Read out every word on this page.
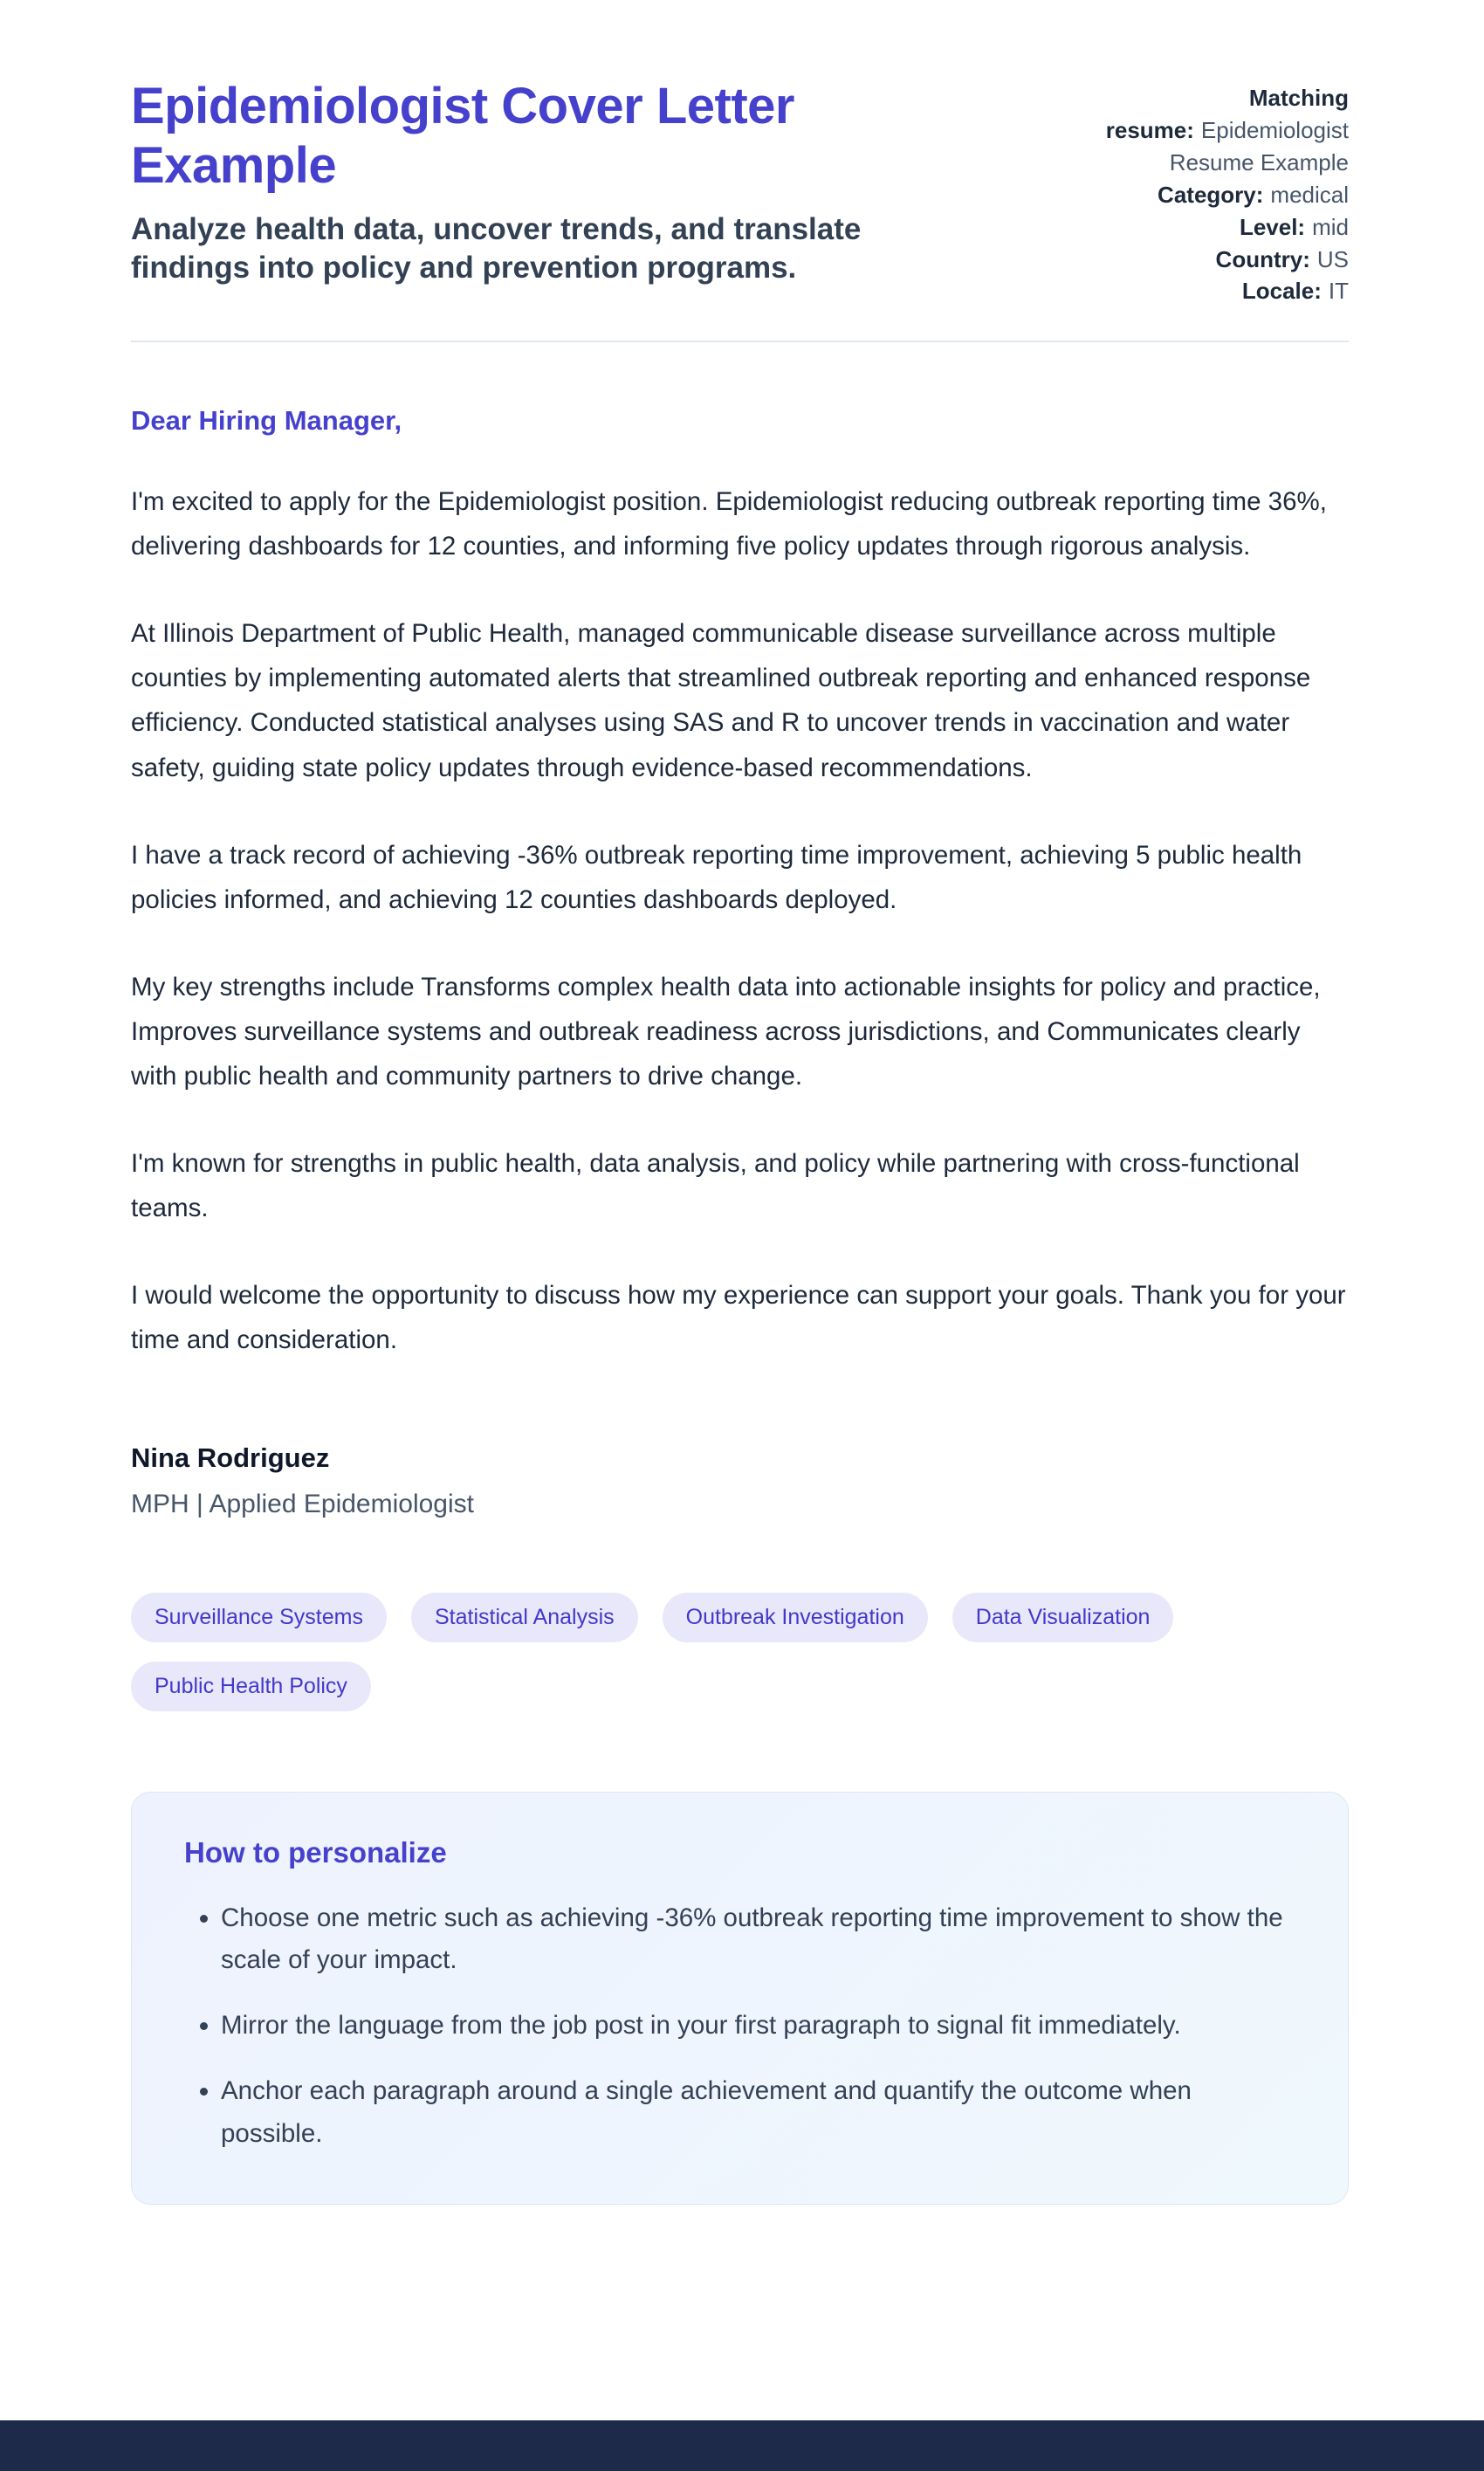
Epidemiologist Cover Letter Example
Analyze health data, uncover trends, and translate findings into policy and prevention programs.
Matching resume: Epidemiologist Resume Example
Category: medical
Level: mid
Country: US
Locale: IT

Dear Hiring Manager,

I'm excited to apply for the Epidemiologist position. Epidemiologist reducing outbreak reporting time 36%, delivering dashboards for 12 counties, and informing five policy updates through rigorous analysis.

At Illinois Department of Public Health, managed communicable disease surveillance across multiple counties by implementing automated alerts that streamlined outbreak reporting and enhanced response efficiency. Conducted statistical analyses using SAS and R to uncover trends in vaccination and water safety, guiding state policy updates through evidence-based recommendations.

I have a track record of achieving -36% outbreak reporting time improvement, achieving 5 public health policies informed, and achieving 12 counties dashboards deployed.

My key strengths include Transforms complex health data into actionable insights for policy and practice, Improves surveillance systems and outbreak readiness across jurisdictions, and Communicates clearly with public health and community partners to drive change.

I'm known for strengths in public health, data analysis, and policy while partnering with cross-functional teams.

I would welcome the opportunity to discuss how my experience can support your goals. Thank you for your time and consideration.

Nina Rodriguez

MPH | Applied Epidemiologist

Surveillance Systems	Statistical Analysis	Outbreak Investigation	Data Visualization
Public Health Policy
How to personalize
• Choose one metric such as achieving -36% outbreak reporting time improvement to show the scale of your impact.
• Mirror the language from the job post in your first paragraph to signal fit immediately.
• Anchor each paragraph around a single achievement and quantify the outcome when possible.
